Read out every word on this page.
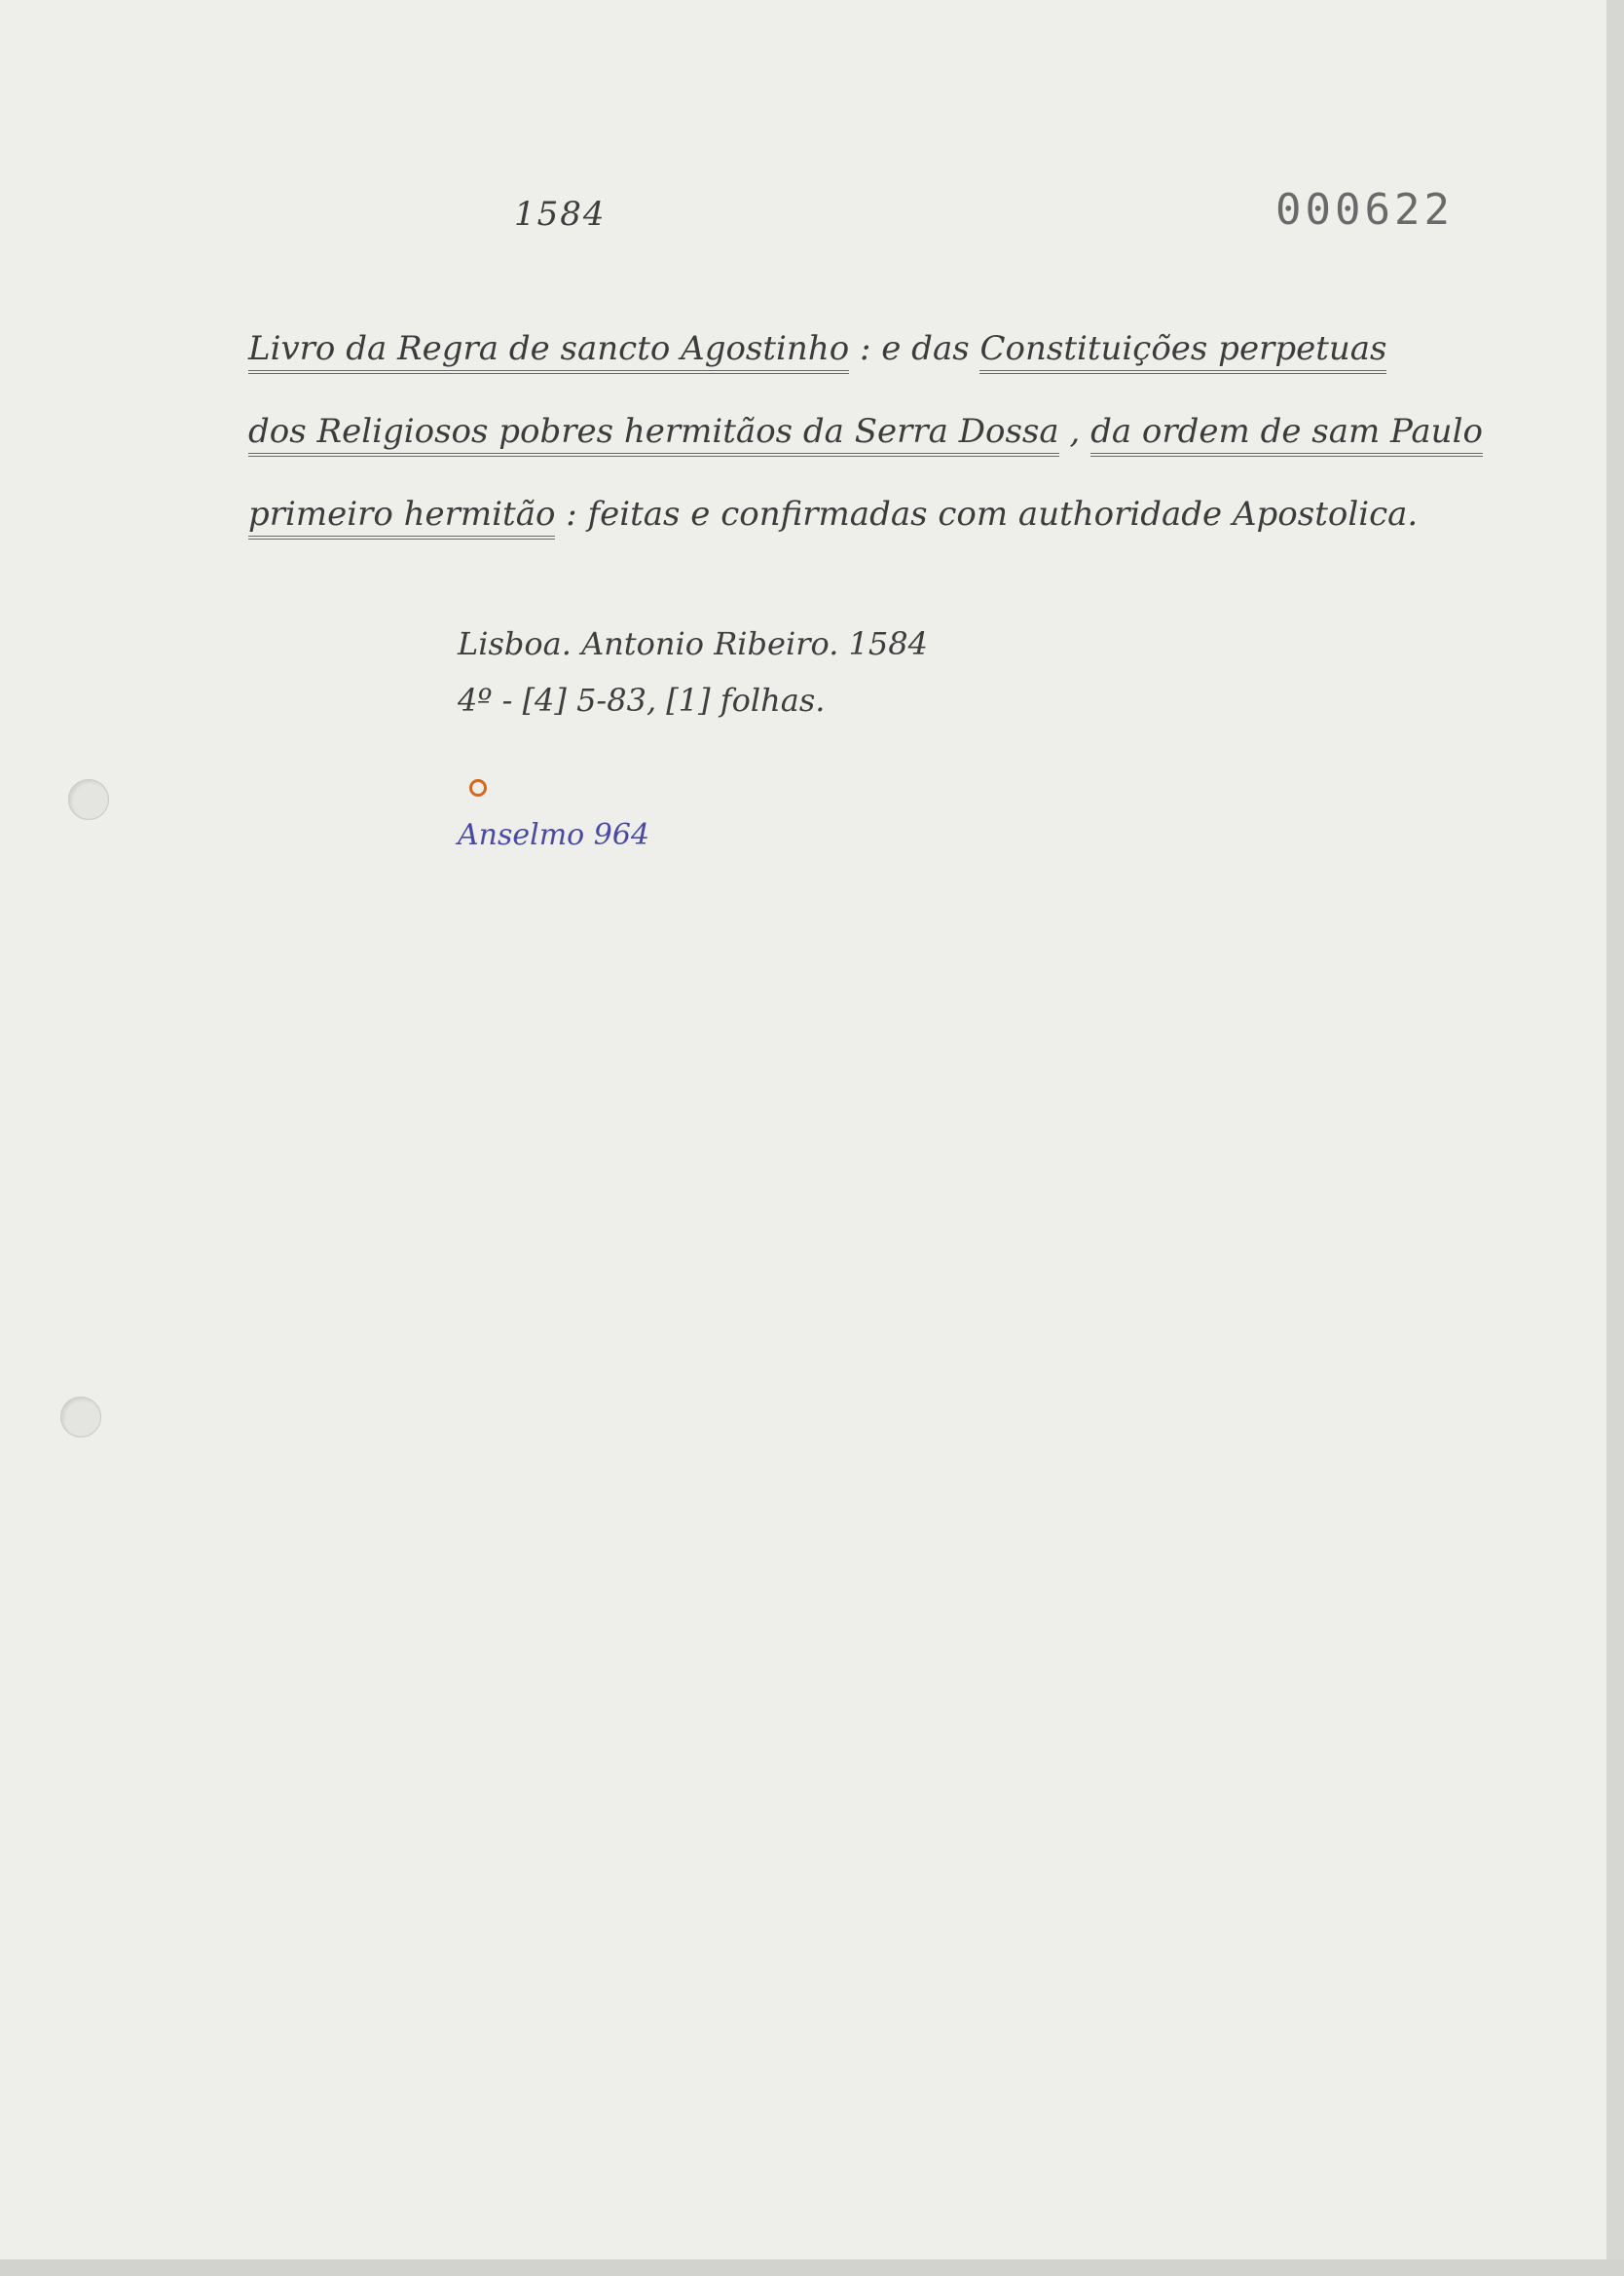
1584	000622
Livro da Regra de sancto Agostinho : e das Constituições perpetuas
dos Religiosos pobres hermitãos da Serra Dossa , da ordem de sam Paulo
primeiro hermitão : feitas e confirmadas com authoridade Apostolica.
Lisboa. Antonio Ribeiro. 1584
4º - [4] 5-83, [1] folhas.
Anselmo 964
